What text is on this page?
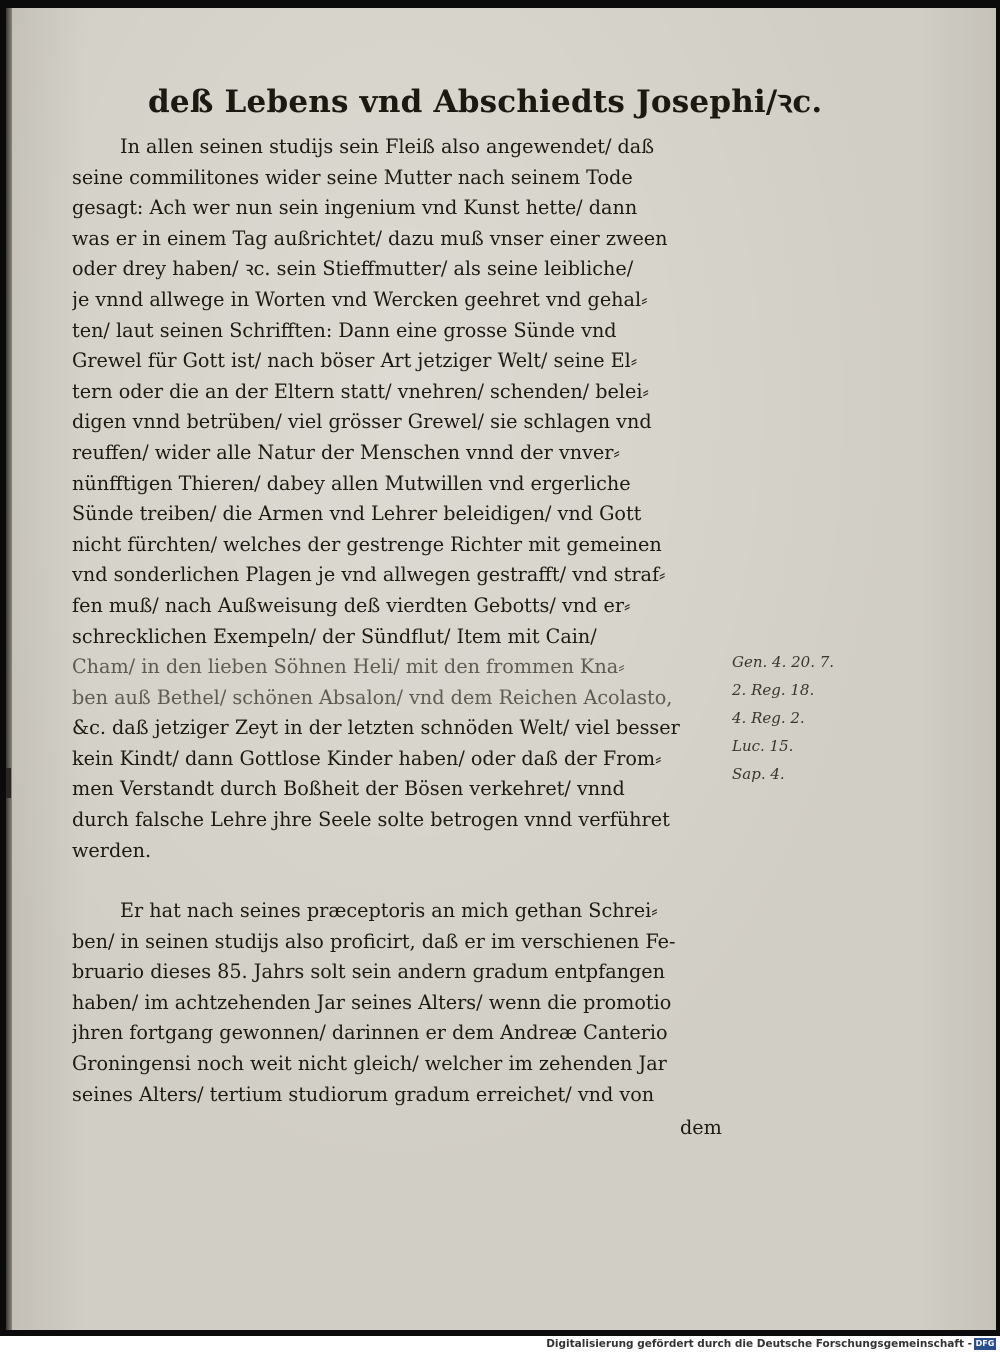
deß Lebens vnd Abschiedts Josephi/ꝛc.
In allen seinen studijs sein Fleiß also angewendet/ daß
seine commilitones wider seine Mutter nach seinem Tode
gesagt: Ach wer nun sein ingenium vnd Kunst hette/ dann
was er in einem Tag außrichtet/ dazu muß vnser einer zween
oder drey haben/ ꝛc. sein Stieffmutter/ als seine leibliche/
je vnnd allwege in Worten vnd Wercken geehret vnd gehal⸗
ten/ laut seinen Schrifften: Dann eine grosse Sünde vnd
Grewel für Gott ist/ nach böser Art jetziger Welt/ seine El⸗
tern oder die an der Eltern statt/ vnehren/ schenden/ belei⸗
digen vnnd betrüben/ viel grösser Grewel/ sie schlagen vnd
reuffen/ wider alle Natur der Menschen vnnd der vnver⸗
nünfftigen Thieren/ dabey allen Mutwillen vnd ergerliche
Sünde treiben/ die Armen vnd Lehrer beleidigen/ vnd Gott
nicht fürchten/ welches der gestrenge Richter mit gemeinen
vnd sonderlichen Plagen je vnd allwegen gestrafft/ vnd straf⸗
fen muß/ nach Außweisung deß vierdten Gebotts/ vnd er⸗
schrecklichen Exempeln/ der Sündflut/ Item mit Cain/
Cham/ in den lieben Söhnen Heli/ mit den frommen Kna⸗
ben auß Bethel/ schönen Absalon/ vnd dem Reichen Acolasto,
&c. daß jetziger Zeyt in der letzten schnöden Welt/ viel besser
kein Kindt/ dann Gottlose Kinder haben/ oder daß der From⸗
men Verstandt durch Boßheit der Bösen verkehret/ vnnd
durch falsche Lehre jhre Seele solte betrogen vnnd verführet
werden.
Er hat nach seines præceptoris an mich gethan Schrei⸗
ben/ in seinen studijs also proficirt, daß er im verschienen Fe-
bruario dieses 85. Jahrs solt sein andern gradum entpfangen
haben/ im achtzehenden Jar seines Alters/ wenn die promotio
jhren fortgang gewonnen/ darinnen er dem Andreæ Canterio
Groningensi noch weit nicht gleich/ welcher im zehenden Jar
seines Alters/ tertium studiorum gradum erreichet/ vnd von
Gen. 4. 20. 7.
2. Reg. 18.
4. Reg. 2.
Luc. 15.
Sap. 4.
dem
Digitalisierung gefördert durch die Deutsche Forschungsgemeinschaft - DFG
